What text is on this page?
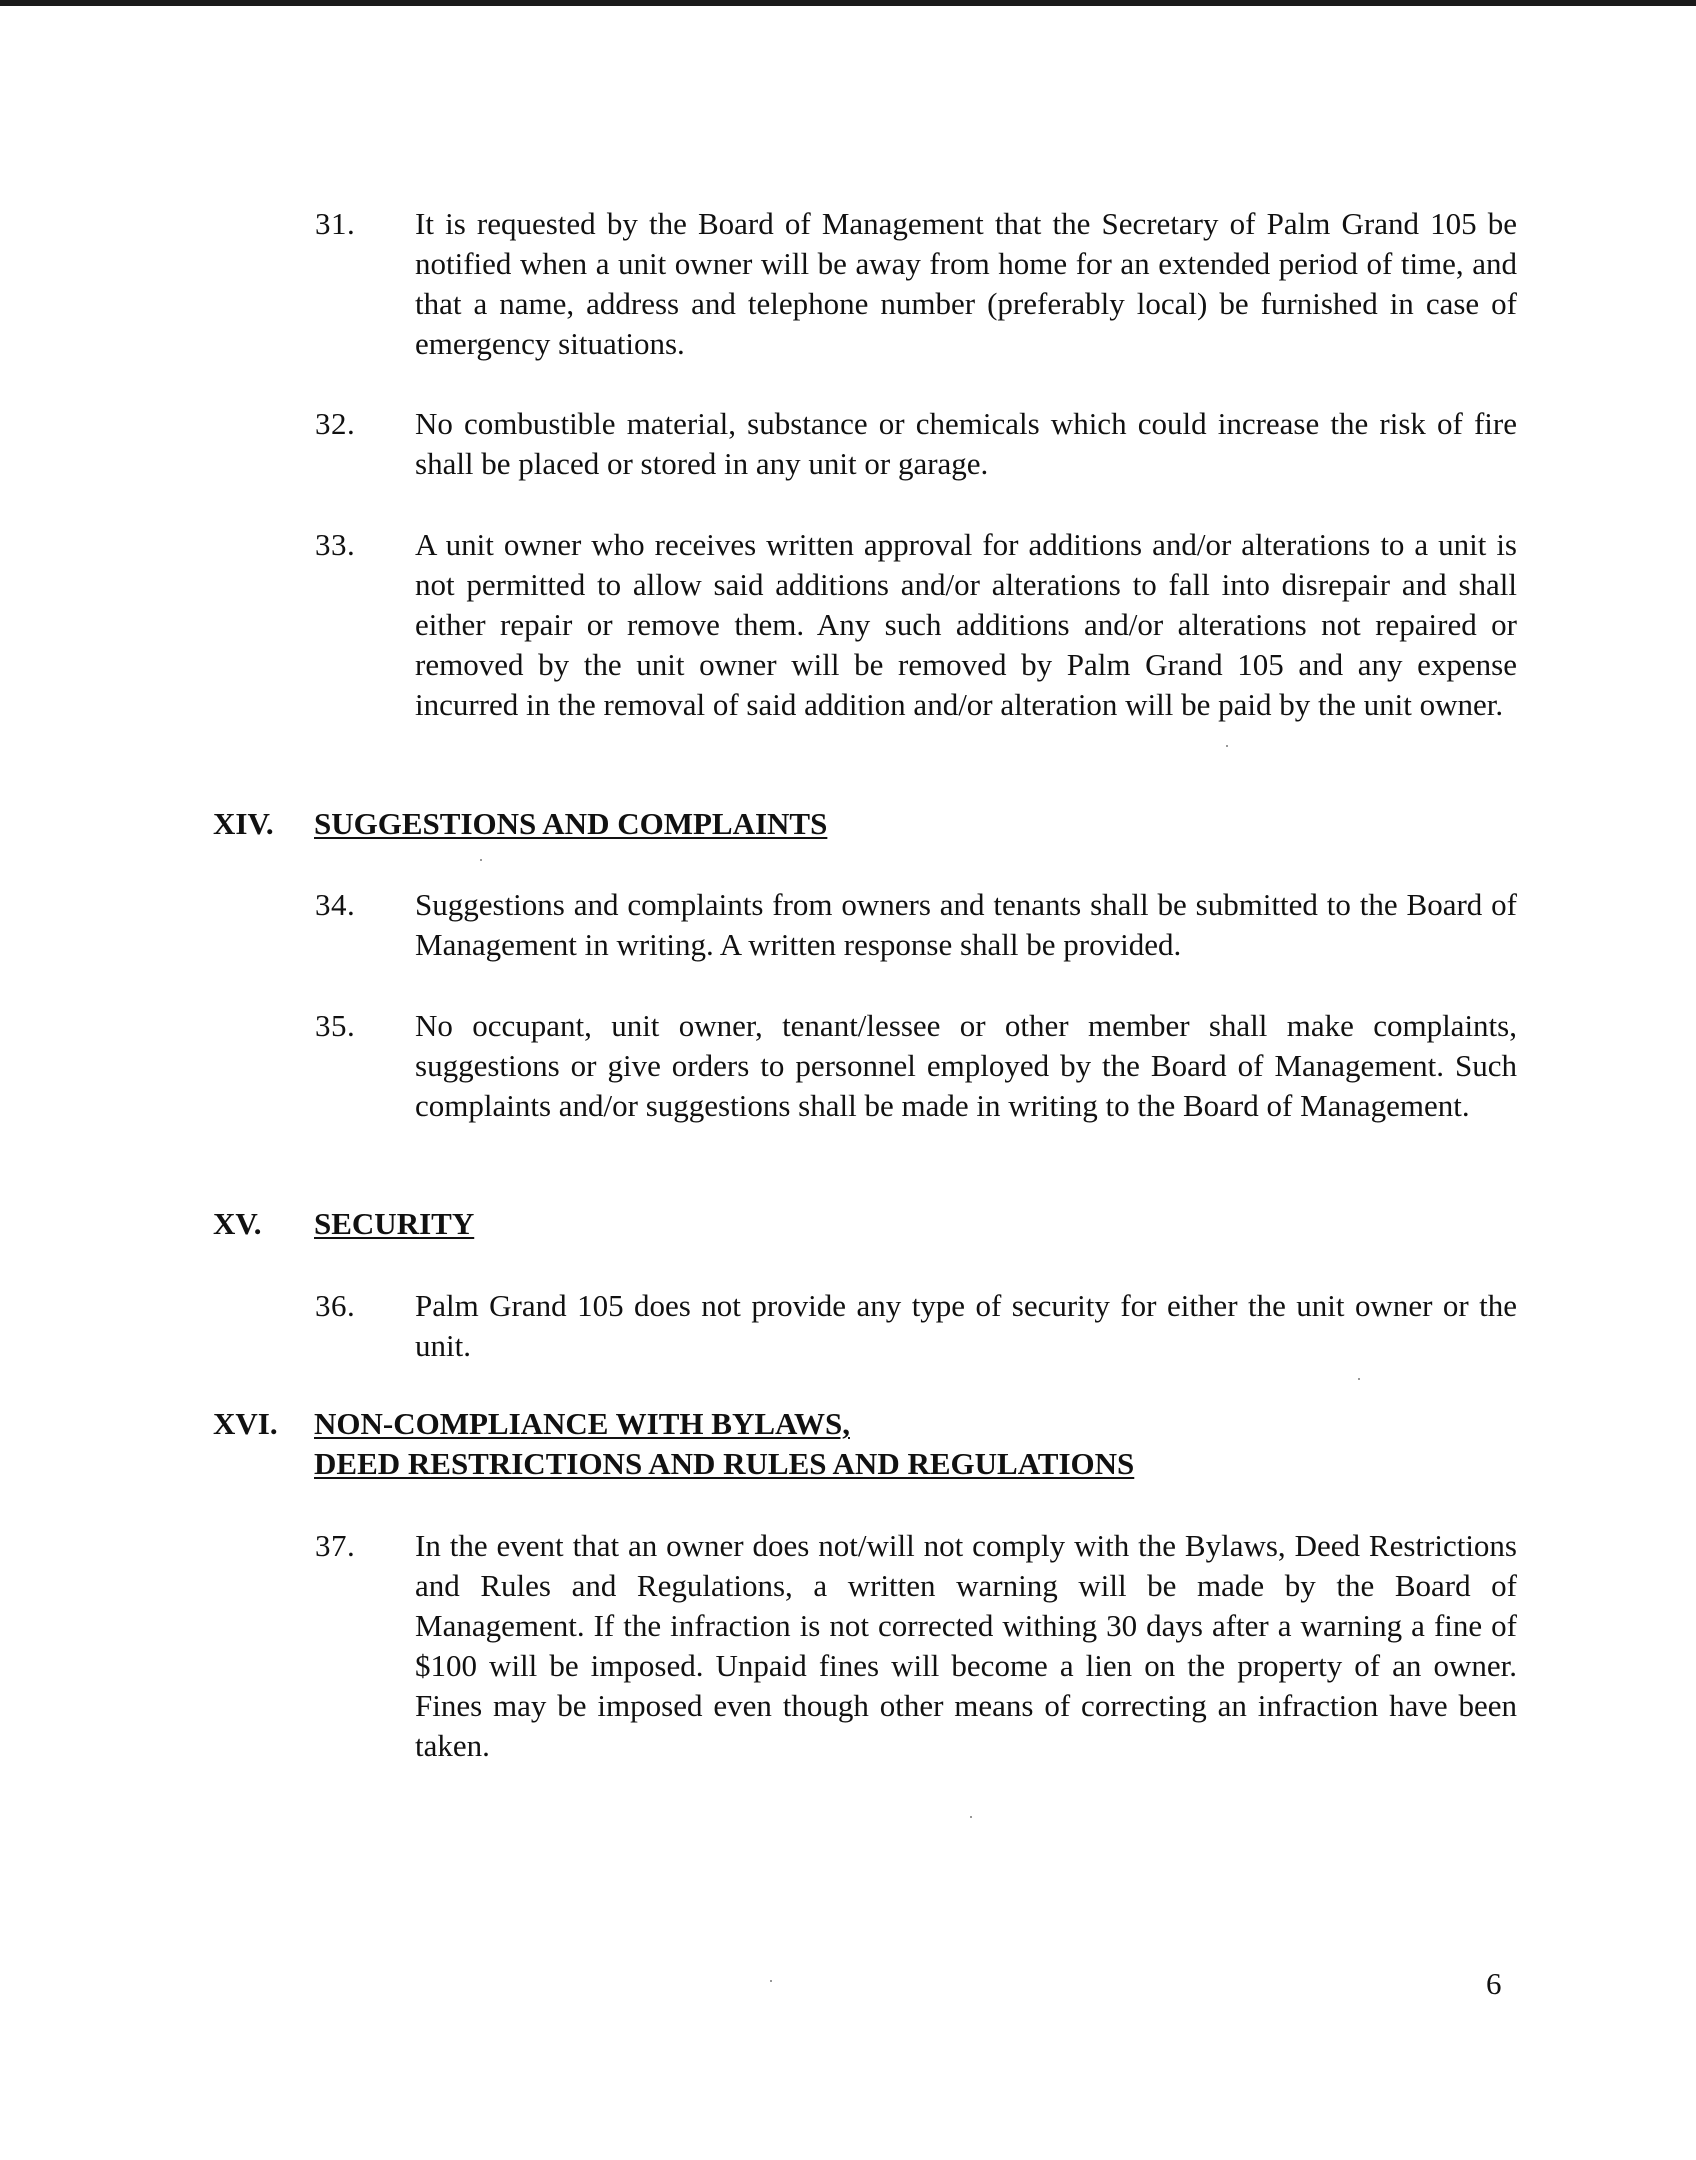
31. It is requested by the Board of Management that the Secretary of Palm Grand 105 be notified when a unit owner will be away from home for an extended period of time, and that a name, address and telephone number (preferably local) be furnished in case of emergency situations.
32. No combustible material, substance or chemicals which could increase the risk of fire shall be placed or stored in any unit or garage.
33. A unit owner who receives written approval for additions and/or alterations to a unit is not permitted to allow said additions and/or alterations to fall into disrepair and shall either repair or remove them. Any such additions and/or alterations not repaired or removed by the unit owner will be removed by Palm Grand 105 and any expense incurred in the removal of said addition and/or alteration will be paid by the unit owner.
XIV. SUGGESTIONS AND COMPLAINTS
34. Suggestions and complaints from owners and tenants shall be submitted to the Board of Management in writing. A written response shall be provided.
35. No occupant, unit owner, tenant/lessee or other member shall make complaints, suggestions or give orders to personnel employed by the Board of Management. Such complaints and/or suggestions shall be made in writing to the Board of Management.
XV. SECURITY
36. Palm Grand 105 does not provide any type of security for either the unit owner or the unit.
XVI. NON-COMPLIANCE WITH BYLAWS,
DEED RESTRICTIONS AND RULES AND REGULATIONS
37. In the event that an owner does not/will not comply with the Bylaws, Deed Restrictions and Rules and Regulations, a written warning will be made by the Board of Management. If the infraction is not corrected withing 30 days after a warning a fine of $100 will be imposed. Unpaid fines will become a lien on the property of an owner. Fines may be imposed even though other means of correcting an infraction have been taken.
6
